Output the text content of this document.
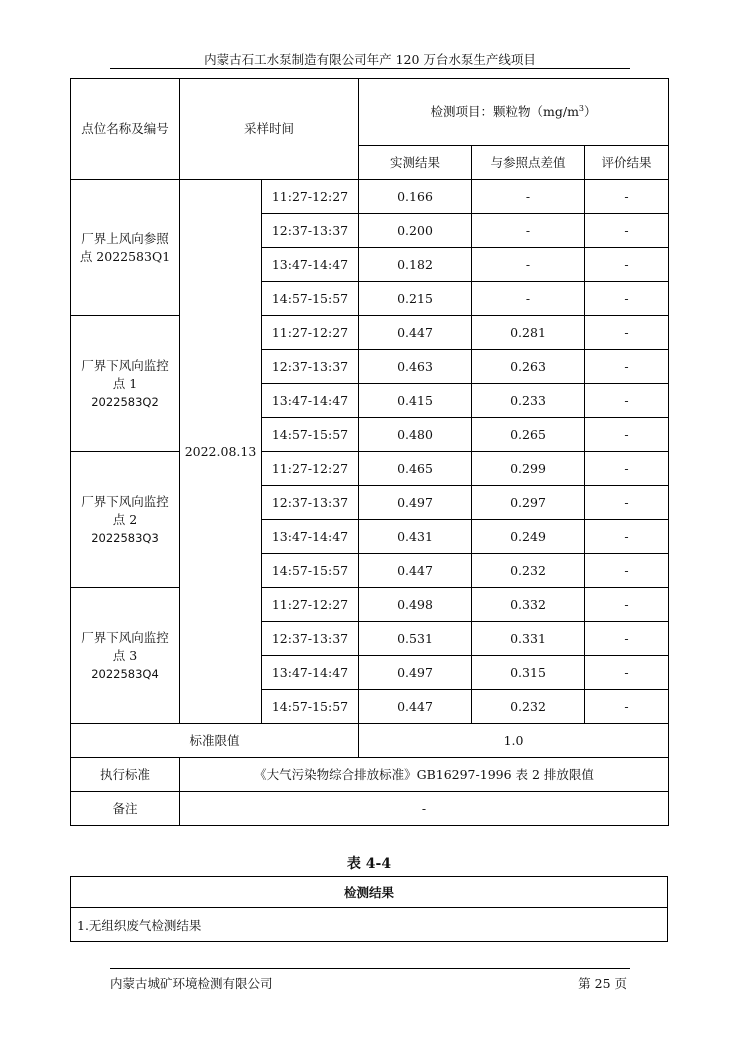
内蒙古石工水泵制造有限公司年产 120 万台水泵生产线项目
点位名称及编号	采样时间		检测项目：颗粒物$(mg/m^3)$		
			实测结果	与参照点差值	评价结果

厂界上风向参照
点 2022583Q1	2022.08.13	11:27-12:27	0.166	-	-
		12:37-13:37	0.200	-	-
		13:47-14:47	0.182	-	-
		14:57-15:57	0.215	-	-

厂界下风向监控
点 1
2022583Q2		11:27-12:27	0.447	0.281	-
		12:37-13:37	0.463	0.263	-
		13:47-14:47	0.415	0.233	-
		14:57-15:57	0.480	0.265	-

厂界下风向监控
点 2
2022583Q3		11:27-12:27	0.465	0.299	-
		12:37-13:37	0.497	0.297	-
		13:47-14:47	0.431	0.249	-
		14:57-15:57	0.447	0.232	-

厂界下风向监控
点 3
2022583Q4		11:27-12:27	0.498	0.332	-
		12:37-13:37	0.531	0.331	-
		13:47-14:47	0.497	0.315	-
		14:57-15:57	0.447	0.232	-
标准限值			1.0		
执行标准	《大气污染物综合排放标准》GB16297-1996 表 2 排放限值				
备注	-				
表 4-4
检测结果
1.无组织废气检测结果
内蒙古城矿环境检测有限公司	第 25 页
